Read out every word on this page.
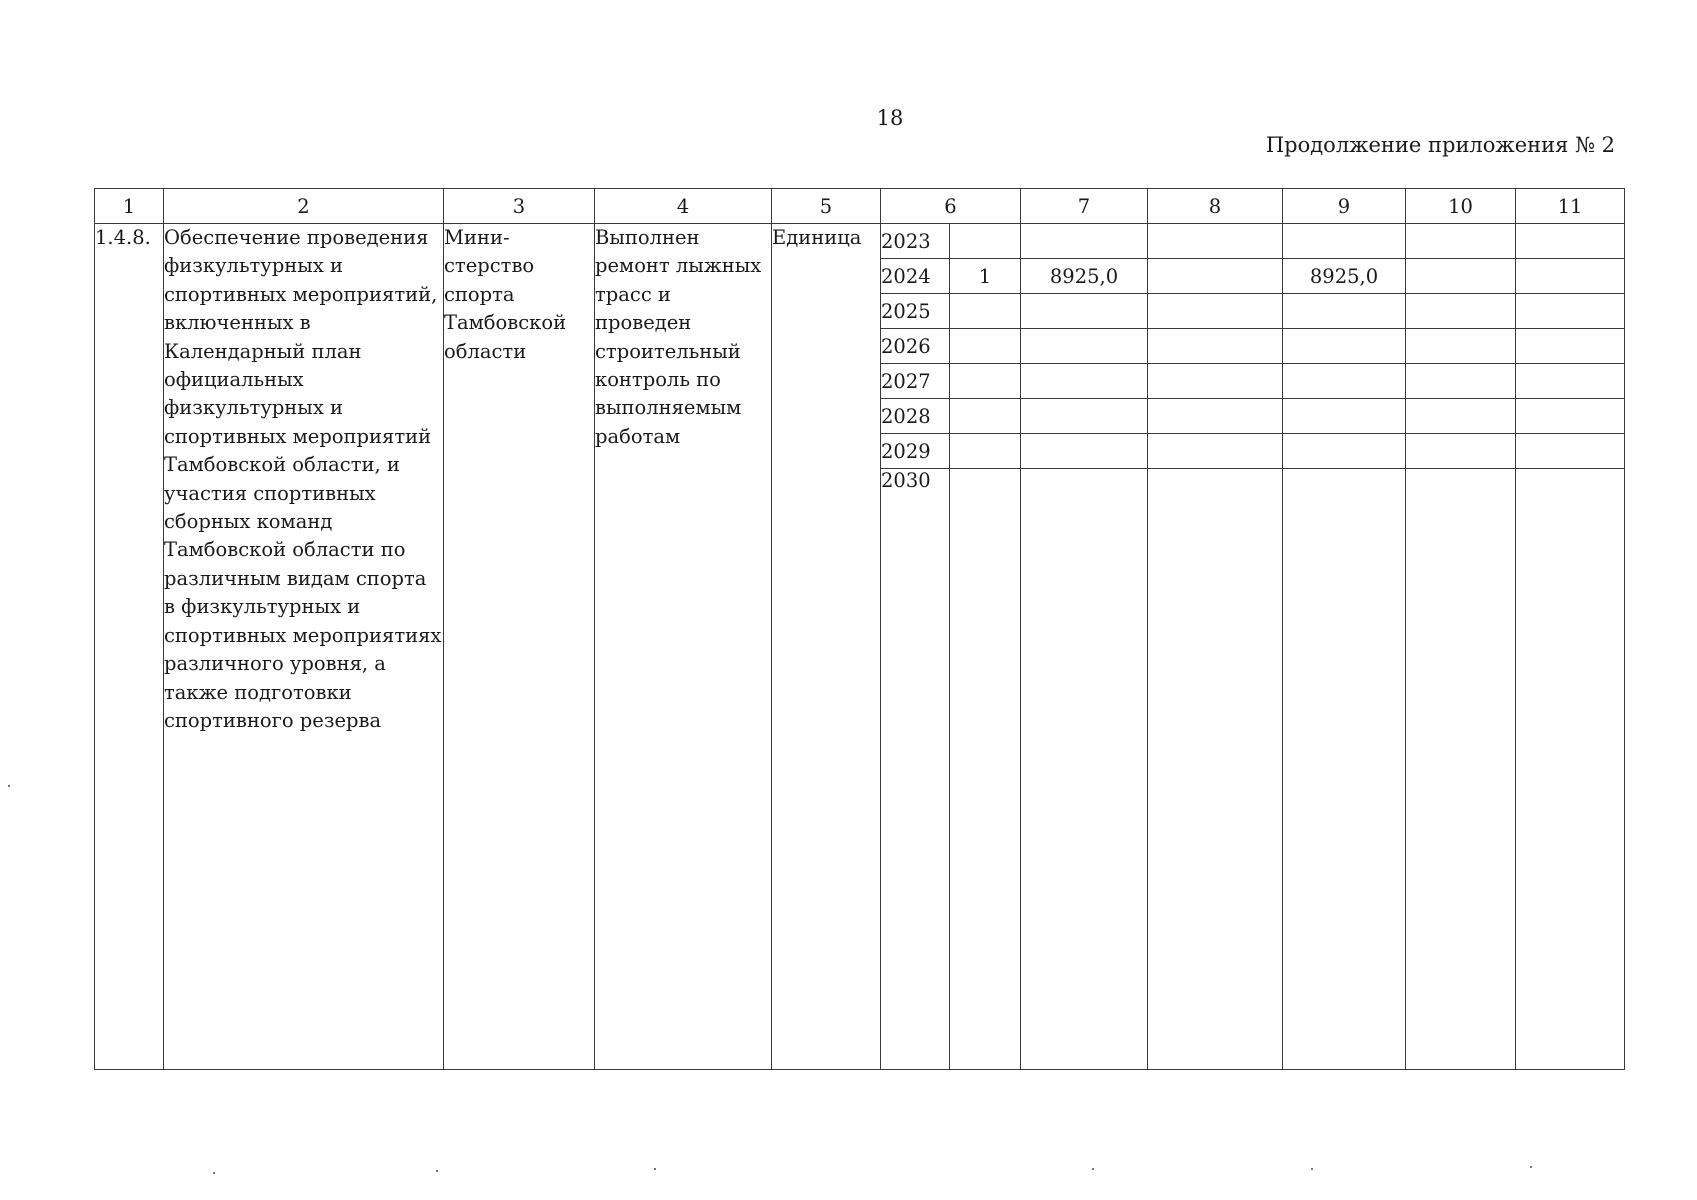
18
Продолжение приложения № 2
1	2	3	4	5	6		7	8	9	10	11
1.4.8.	Обеспечение проведения физкультурных и спортивных мероприятий, включенных в Календарный план официальных физкультурных и спортивных мероприятий Тамбовской области, и участия спортивных сборных команд Тамбовской области по различным видам спорта в физкультурных и спортивных мероприятиях различного уровня, а также подготовки спортивного резерва	Мини-стерство спорта Тамбовской области	Выполнен ремонт лыжных трасс и проведен строительный контроль по выполняемым работам	Единица	2023						
					2024	1	8925,0		8925,0		
					2025						
					2026						
					2027						
					2028						
					2029						
					2030						
